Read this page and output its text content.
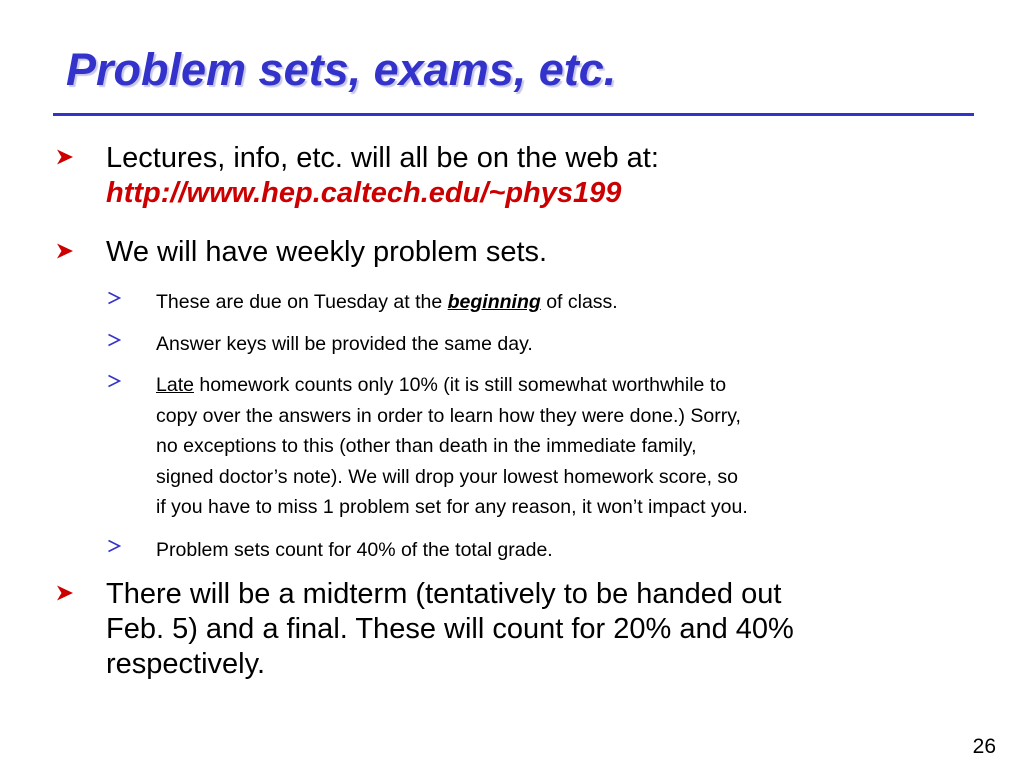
Problem sets, exams, etc.
Lectures, info, etc. will all be on the web at:
http://www.hep.caltech.edu/~phys199
We will have weekly problem sets.
These are due on Tuesday at the beginning of class.
Answer keys will be provided the same day.
Late homework counts only 10% (it is still somewhat worthwhile to
copy over the answers in order to learn how they were done.) Sorry,
no exceptions to this (other than death in the immediate family,
signed doctor’s note). We will drop your lowest homework score, so
if you have to miss 1 problem set for any reason, it won’t impact you.
Problem sets count for 40% of the total grade.
There will be a midterm (tentatively to be handed out
Feb. 5) and a final. These will count for 20% and 40%
respectively.
26
